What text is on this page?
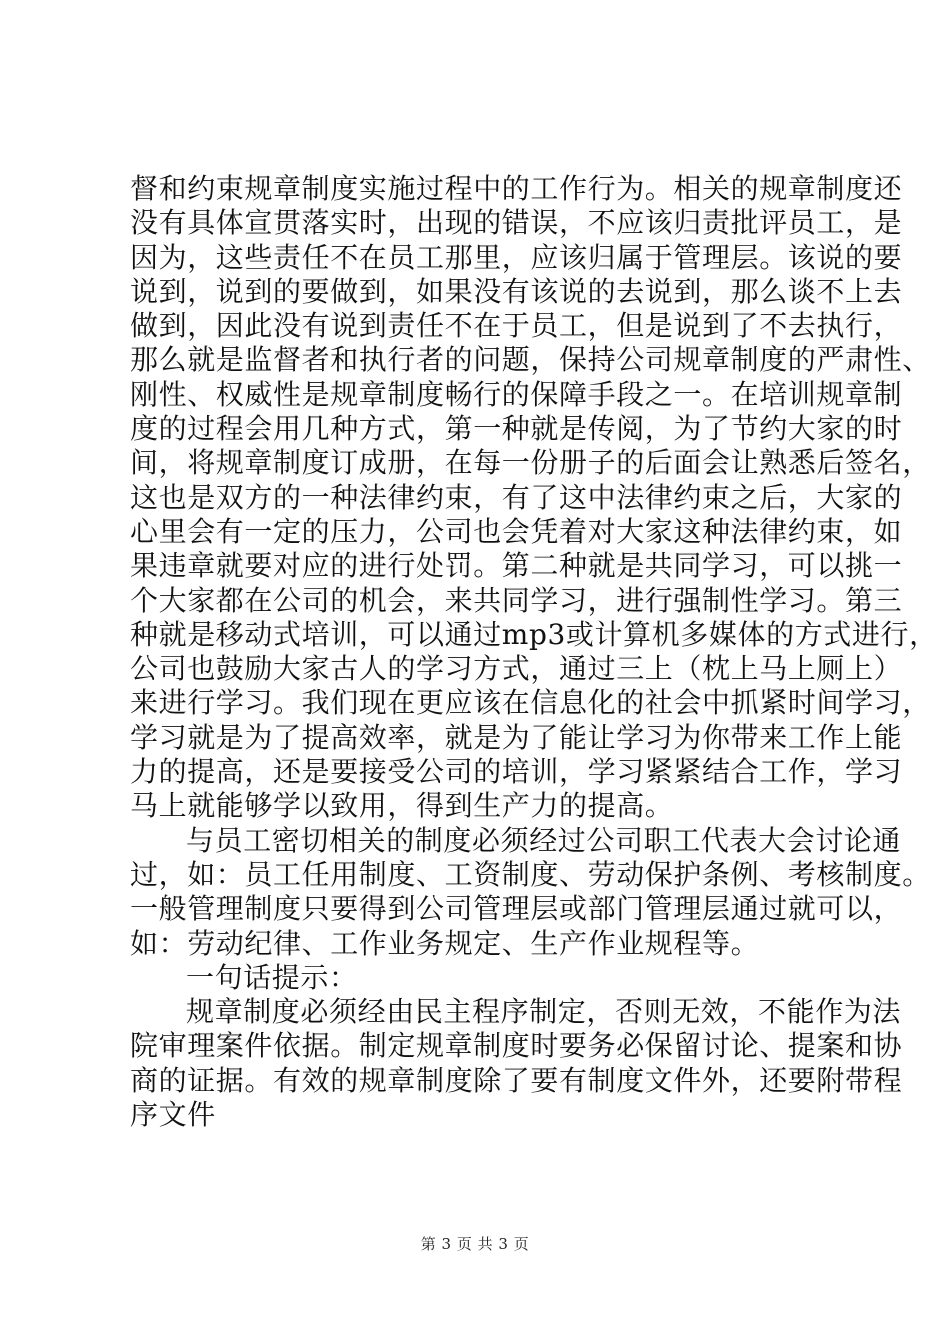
督和约束规章制度实施过程中的工作行为。相关的规章制度还
没有具体宣贯落实时，出现的错误，不应该归责批评员工，是
因为，这些责任不在员工那里，应该归属于管理层。该说的要
说到，说到的要做到，如果没有该说的去说到，那么谈不上去
做到，因此没有说到责任不在于员工，但是说到了不去执行，
那么就是监督者和执行者的问题，保持公司规章制度的严肃性、
刚性、权威性是规章制度畅行的保障手段之一。在培训规章制
度的过程会用几种方式，第一种就是传阅，为了节约大家的时
间，将规章制度订成册，在每一份册子的后面会让熟悉后签名，
这也是双方的一种法律约束，有了这中法律约束之后，大家的
心里会有一定的压力，公司也会凭着对大家这种法律约束，如
果违章就要对应的进行处罚。第二种就是共同学习，可以挑一
个大家都在公司的机会，来共同学习，进行强制性学习。第三
种就是移动式培训，可以通过mp3或计算机多媒体的方式进行，
公司也鼓励大家古人的学习方式，通过三上（枕上马上厕上）
来进行学习。我们现在更应该在信息化的社会中抓紧时间学习，
学习就是为了提高效率，就是为了能让学习为你带来工作上能
力的提高，还是要接受公司的培训，学习紧紧结合工作，学习
马上就能够学以致用，得到生产力的提高。
与员工密切相关的制度必须经过公司职工代表大会讨论通
过，如：员工任用制度、工资制度、劳动保护条例、考核制度。
一般管理制度只要得到公司管理层或部门管理层通过就可以，
如：劳动纪律、工作业务规定、生产作业规程等。
一句话提示：
规章制度必须经由民主程序制定，否则无效，不能作为法
院审理案件依据。制定规章制度时要务必保留讨论、提案和协
商的证据。有效的规章制度除了要有制度文件外，还要附带程
序文件
第 3 页 共 3 页
